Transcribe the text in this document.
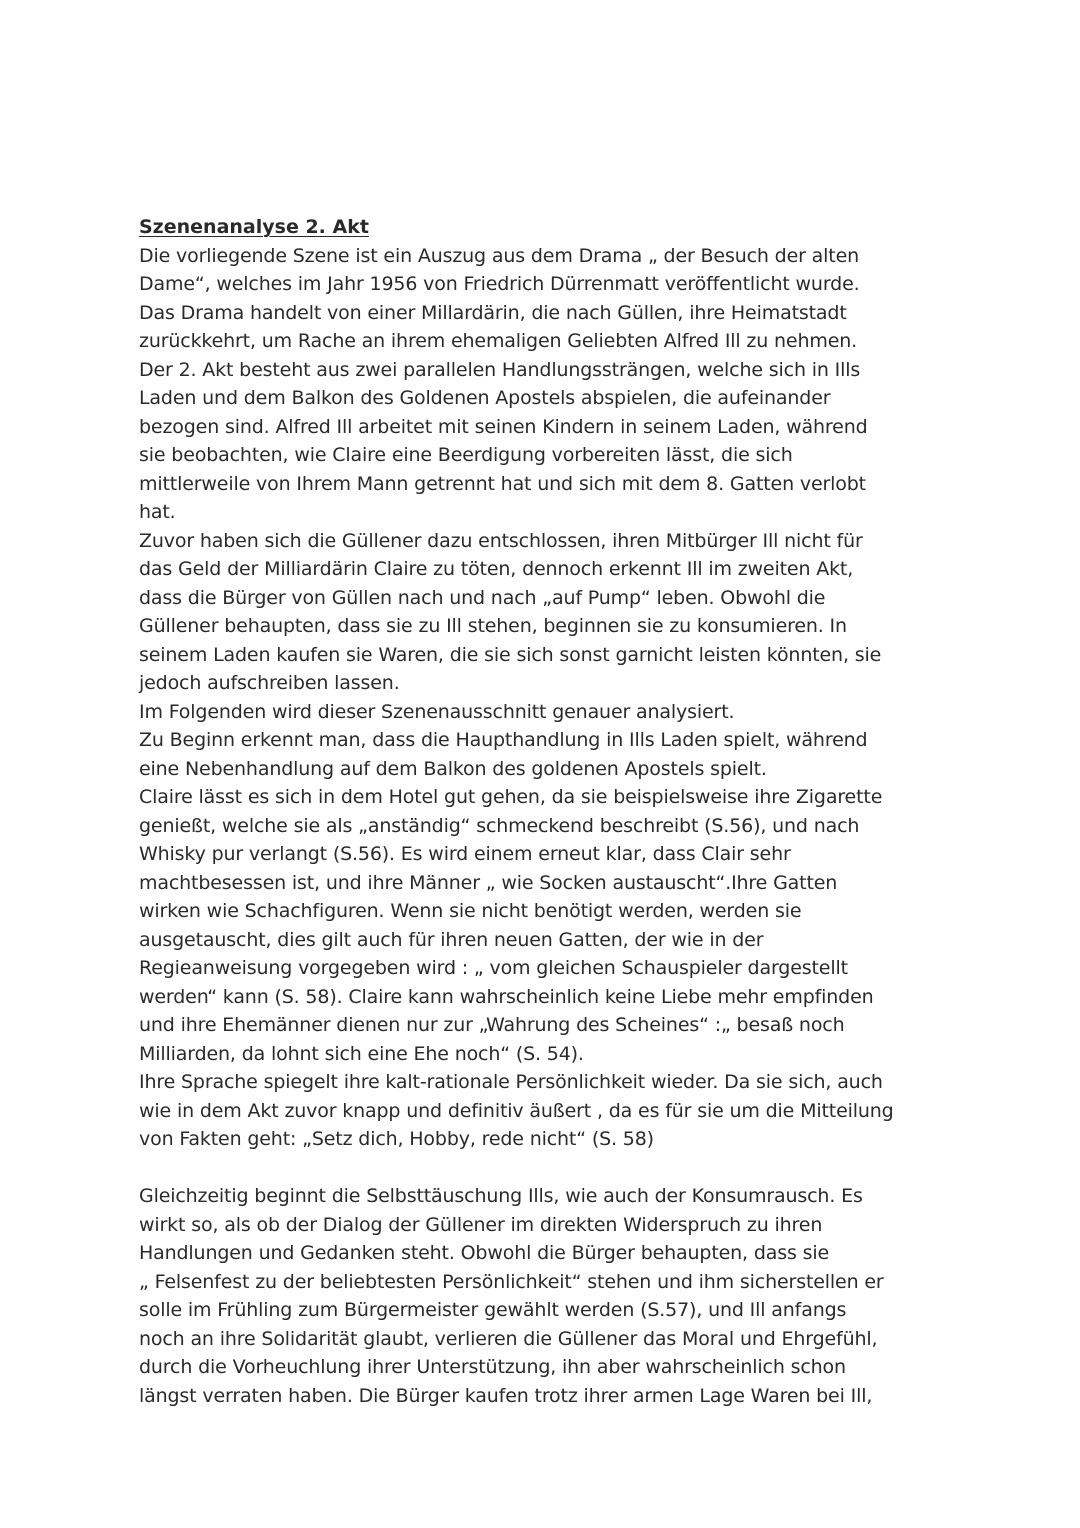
Szenenanalyse 2. Akt
Die vorliegende Szene ist ein Auszug aus dem Drama „ der Besuch der alten
Dame“, welches im Jahr 1956 von Friedrich Dürrenmatt veröffentlicht wurde.
Das Drama handelt von einer Millardärin, die nach Güllen, ihre Heimatstadt
zurückkehrt, um Rache an ihrem ehemaligen Geliebten Alfred Ill zu nehmen.
Der 2. Akt besteht aus zwei parallelen Handlungssträngen, welche sich in Ills
Laden und dem Balkon des Goldenen Apostels abspielen, die aufeinander
bezogen sind. Alfred Ill arbeitet mit seinen Kindern in seinem Laden, während
sie beobachten, wie Claire eine Beerdigung vorbereiten lässt, die sich
mittlerweile von Ihrem Mann getrennt hat und sich mit dem 8. Gatten verlobt
hat.
Zuvor haben sich die Güllener dazu entschlossen, ihren Mitbürger Ill nicht für
das Geld der Milliardärin Claire zu töten, dennoch erkennt Ill im zweiten Akt,
dass die Bürger von Güllen nach und nach „auf Pump“ leben. Obwohl die
Güllener behaupten, dass sie zu Ill stehen, beginnen sie zu konsumieren. In
seinem Laden kaufen sie Waren, die sie sich sonst garnicht leisten könnten, sie
jedoch aufschreiben lassen.
Im Folgenden wird dieser Szenenausschnitt genauer analysiert.
Zu Beginn erkennt man, dass die Haupthandlung in Ills Laden spielt, während
eine Nebenhandlung auf dem Balkon des goldenen Apostels spielt.
Claire lässt es sich in dem Hotel gut gehen, da sie beispielsweise ihre Zigarette
genießt, welche sie als „anständig“ schmeckend beschreibt (S.56), und nach
Whisky pur verlangt (S.56). Es wird einem erneut klar, dass Clair sehr
machtbesessen ist, und ihre Männer „ wie Socken austauscht“.Ihre Gatten
wirken wie Schachfiguren. Wenn sie nicht benötigt werden, werden sie
ausgetauscht, dies gilt auch für ihren neuen Gatten, der wie in der
Regieanweisung vorgegeben wird : „ vom gleichen Schauspieler dargestellt
werden“ kann (S. 58). Claire kann wahrscheinlich keine Liebe mehr empfinden
und ihre Ehemänner dienen nur zur „Wahrung des Scheines“ :„ besaß noch
Milliarden, da lohnt sich eine Ehe noch“ (S. 54).
Ihre Sprache spiegelt ihre kalt-rationale Persönlichkeit wieder. Da sie sich, auch
wie in dem Akt zuvor knapp und definitiv äußert , da es für sie um die Mitteilung
von Fakten geht: „Setz dich, Hobby, rede nicht“ (S. 58)
Gleichzeitig beginnt die Selbsttäuschung Ills, wie auch der Konsumrausch. Es
wirkt so, als ob der Dialog der Güllener im direkten Widerspruch zu ihren
Handlungen und Gedanken steht. Obwohl die Bürger behaupten, dass sie
„ Felsenfest zu der beliebtesten Persönlichkeit“ stehen und ihm sicherstellen er
solle im Frühling zum Bürgermeister gewählt werden (S.57), und Ill anfangs
noch an ihre Solidarität glaubt, verlieren die Güllener das Moral und Ehrgefühl,
durch die Vorheuchlung ihrer Unterstützung, ihn aber wahrscheinlich schon
längst verraten haben. Die Bürger kaufen trotz ihrer armen Lage Waren bei Ill,
